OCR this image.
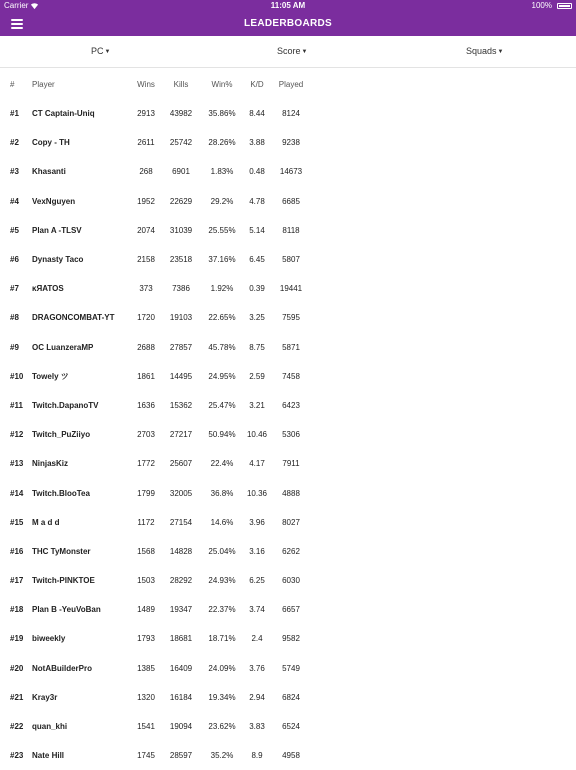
Carrier	11:05 AM	100%
LEADERBOARDS
PC▼	Score▼	Squads▼
#	Player	Wins	Kills	Win%	K/D	Played
#1	CT Captain-Uniq	2913	43982	35.86%	8.44	8124
#2	Copy - TH	2611	25742	28.26%	3.88	9238
#3	Khasanti	268	6901	1.83%	0.48	14673
#4	VexNguyen	1952	22629	29.2%	4.78	6685
#5	Plan A -TLSV	2074	31039	25.55%	5.14	8118
#6	Dynasty Taco	2158	23518	37.16%	6.45	5807
#7	ĸЯATOS	373	7386	1.92%	0.39	19441
#8	DRAGONCOMBAT-YT	1720	19103	22.65%	3.25	7595
#9	OC LuanzeraMP	2688	27857	45.78%	8.75	5871
#10	Towely ツ	1861	14495	24.95%	2.59	7458
#11	Twitch.DapanoTV	1636	15362	25.47%	3.21	6423
#12	Twitch_PuZiiyo	2703	27217	50.94%	10.46	5306
#13	NinjasKiz	1772	25607	22.4%	4.17	7911
#14	Twitch.BlooTea	1799	32005	36.8%	10.36	4888
#15	M a d d	1172	27154	14.6%	3.96	8027
#16	THC TyMonster	1568	14828	25.04%	3.16	6262
#17	Twitch-PINKTOE	1503	28292	24.93%	6.25	6030
#18	Plan B -YeuVoBan	1489	19347	22.37%	3.74	6657
#19	biweekly	1793	18681	18.71%	2.4	9582
#20	NotABuilderPro	1385	16409	24.09%	3.76	5749
#21	Kray3r	1320	16184	19.34%	2.94	6824
#22	quan_khi	1541	19094	23.62%	3.83	6524
#23	Nate Hill	1745	28597	35.2%	8.9	4958
